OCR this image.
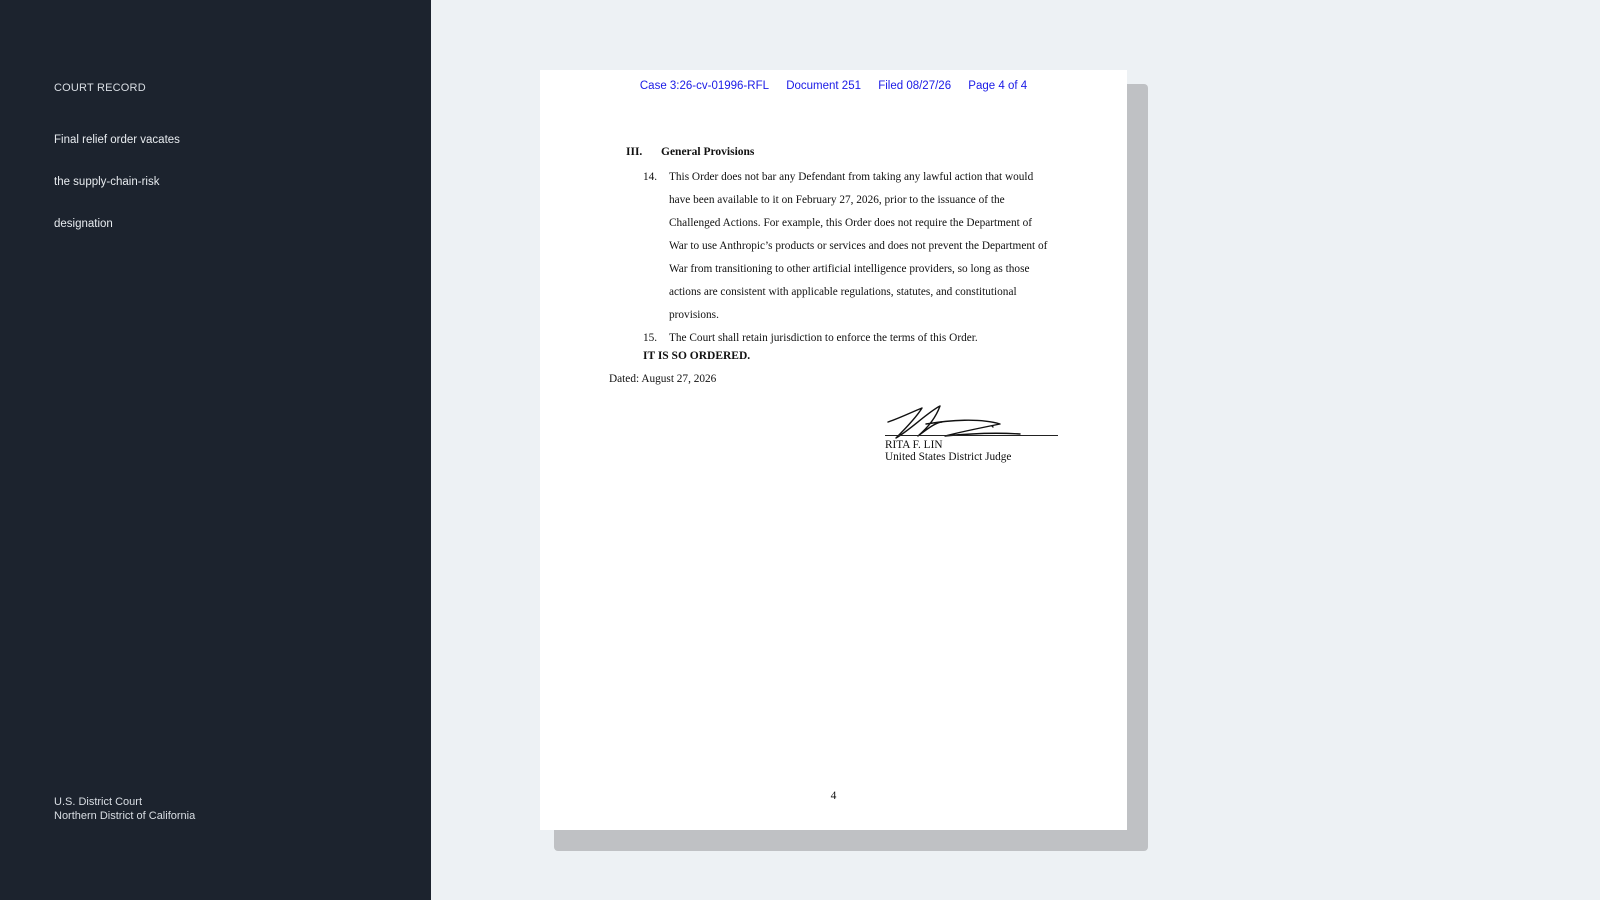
COURT RECORD
Final relief order vacates
the supply-chain-risk
designation
U.S. District Court
Northern District of California
Case 3:26-cv-01996-RFL Document 251 Filed 08/27/26 Page 4 of 4
III. General Provisions
14. This Order does not bar any Defendant from taking any lawful action that would
have been available to it on February 27, 2026, prior to the issuance of the
Challenged Actions. For example, this Order does not require the Department of
War to use Anthropic’s products or services and does not prevent the Department of
War from transitioning to other artificial intelligence providers, so long as those
actions are consistent with applicable regulations, statutes, and constitutional
provisions.
15. The Court shall retain jurisdiction to enforce the terms of this Order.
IT IS SO ORDERED.
Dated: August 27, 2026
RITA F. LIN
United States District Judge
4
